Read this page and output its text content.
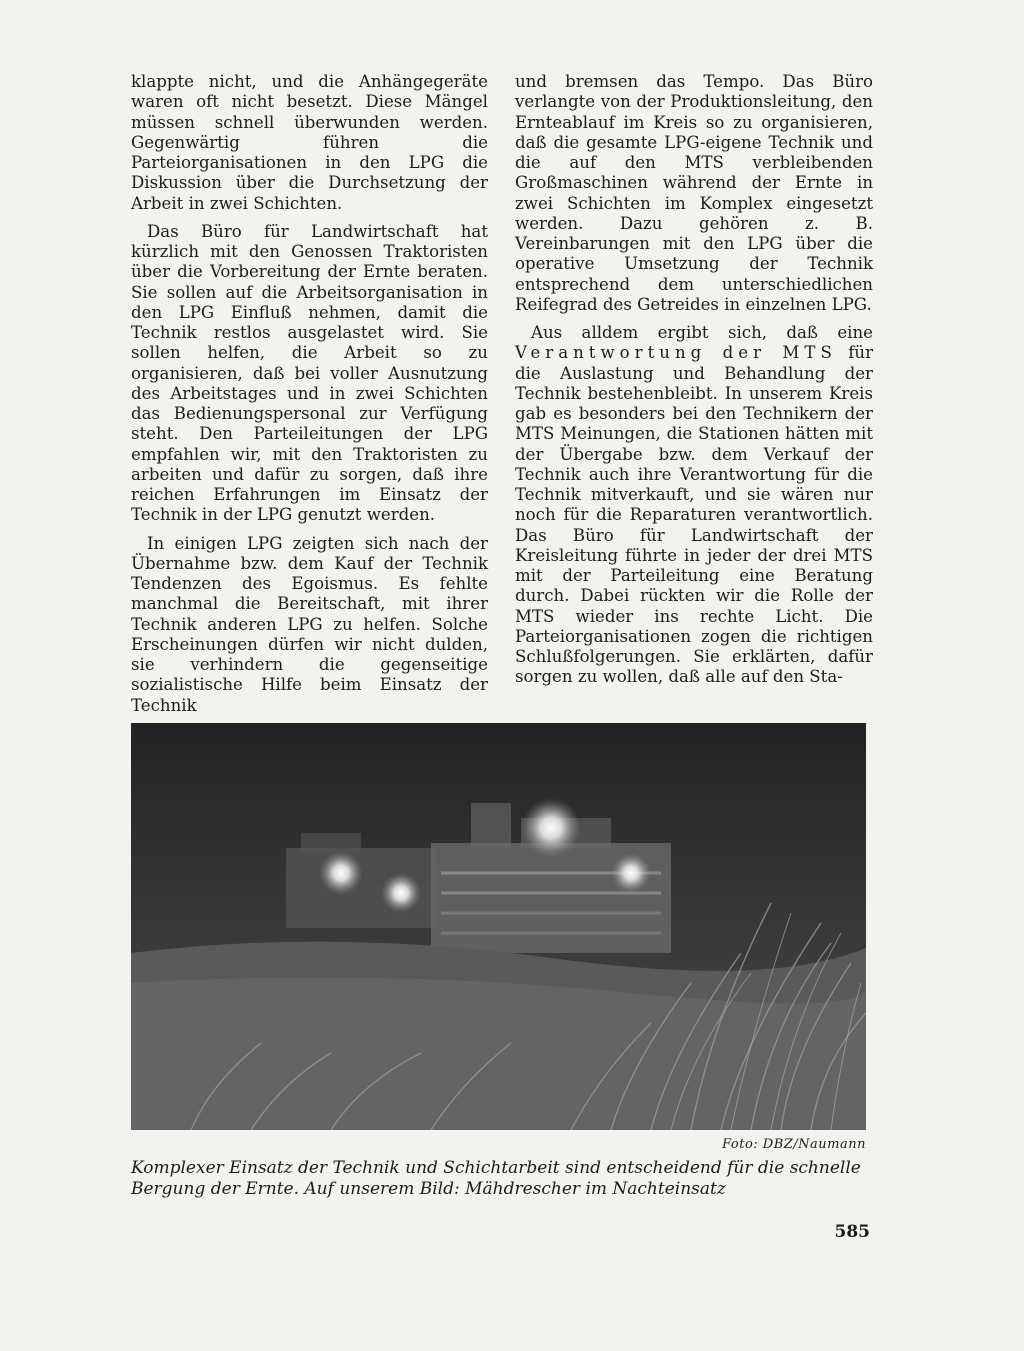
klappte nicht, und die Anhängegeräte waren oft nicht besetzt. Diese Mängel müssen schnell überwunden werden. Gegenwärtig führen die Parteiorganisationen in den LPG die Diskussion über die Durchsetzung der Arbeit in zwei Schichten.

Das Büro für Landwirtschaft hat kürzlich mit den Genossen Traktoristen über die Vorbereitung der Ernte beraten. Sie sollen auf die Arbeitsorganisation in den LPG Einfluß nehmen, damit die Technik restlos ausgelastet wird. Sie sollen helfen, die Arbeit so zu organisieren, daß bei voller Ausnutzung des Arbeitstages und in zwei Schichten das Bedienungspersonal zur Verfügung steht. Den Parteileitungen der LPG empfahlen wir, mit den Traktoristen zu arbeiten und dafür zu sorgen, daß ihre reichen Erfahrungen im Einsatz der Technik in der LPG genutzt werden.

In einigen LPG zeigten sich nach der Übernahme bzw. dem Kauf der Technik Tendenzen des Egoismus. Es fehlte manchmal die Bereitschaft, mit ihrer Technik anderen LPG zu helfen. Solche Erscheinungen dürfen wir nicht dulden, sie verhindern die gegenseitige sozialistische Hilfe beim Einsatz der Technik

und bremsen das Tempo. Das Büro verlangte von der Produktionsleitung, den Ernteablauf im Kreis so zu organisieren, daß die gesamte LPG-eigene Technik und die auf den MTS verbleibenden Großmaschinen während der Ernte in zwei Schichten im Komplex eingesetzt werden. Dazu gehören z. B. Vereinbarungen mit den LPG über die operative Umsetzung der Technik entsprechend dem unterschiedlichen Reifegrad des Getreides in einzelnen LPG.

Aus alldem ergibt sich, daß eine Verantwortung der MTS für die Auslastung und Behandlung der Technik bestehenbleibt. In unserem Kreis gab es besonders bei den Technikern der MTS Meinungen, die Stationen hätten mit der Übergabe bzw. dem Verkauf der Technik auch ihre Verantwortung für die Technik mitverkauft, und sie wären nur noch für die Reparaturen verantwortlich. Das Büro für Landwirtschaft der Kreisleitung führte in jeder der drei MTS mit der Parteileitung eine Beratung durch. Dabei rückten wir die Rolle der MTS wieder ins rechte Licht. Die Parteiorganisationen zogen die richtigen Schlußfolgerungen. Sie erklärten, dafür sorgen zu wollen, daß alle auf den Sta-

Foto: DBZ/Naumann
Komplexer Einsatz der Technik und Schichtarbeit sind entscheidend für die schnelle
Bergung der Ernte. Auf unserem Bild: Mähdrescher im Nachteinsatz
585
